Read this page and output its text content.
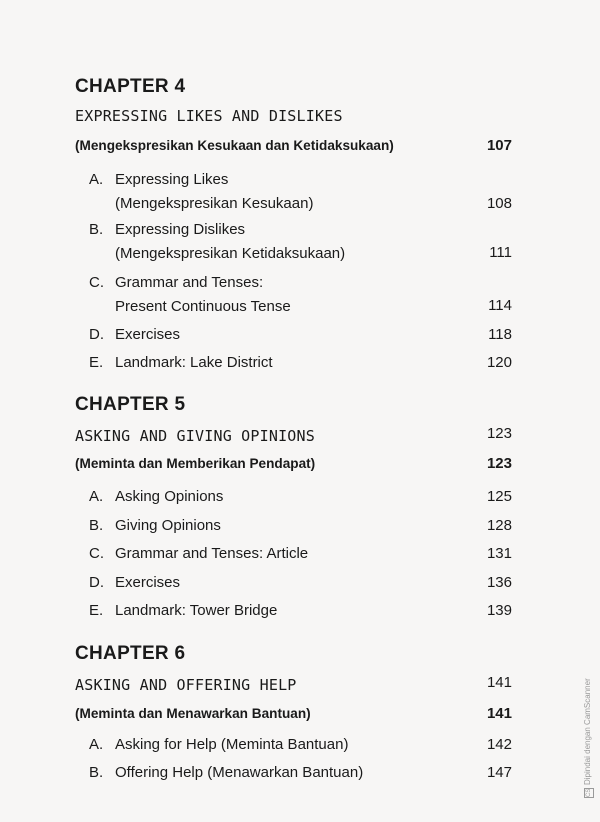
CHAPTER 4
EXPRESSING LIKES AND DISLIKES
(Mengekspresikan Kesukaan dan Ketidaksukaan)	107
A. Expressing Likes
(Mengekspresikan Kesukaan)	108
B. Expressing Dislikes
(Mengekspresikan Ketidaksukaan)	111
C. Grammar and Tenses:
Present Continuous Tense	114
D. Exercises	118
E. Landmark: Lake District	120
CHAPTER 5
ASKING AND GIVING OPINIONS	123
(Meminta dan Memberikan Pendapat)	123
A. Asking Opinions	125
B. Giving Opinions	128
C. Grammar and Tenses: Article	131
D. Exercises	136
E. Landmark: Tower Bridge	139
CHAPTER 6
ASKING AND OFFERING HELP	141
(Meminta dan Menawarkan Bantuan)	141
A. Asking for Help (Meminta Bantuan)	142
B. Offering Help (Menawarkan Bantuan)	147
CSDipindai dengan CamScanner
